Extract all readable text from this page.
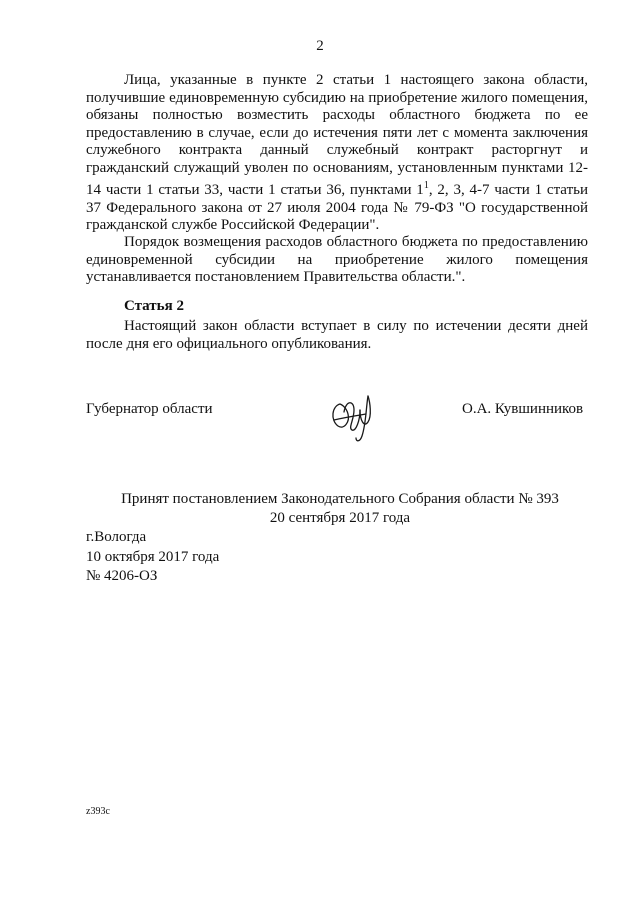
2

Лица, указанные в пункте 2 статьи 1 настоящего закона области, получившие единовременную субсидию на приобретение жилого помещения, обязаны полностью возместить расходы областного бюджета по ее предоставлению в случае, если до истечения пяти лет с момента заключения служебного контракта данный служебный контракт расторгнут и гражданский служащий уволен по основаниям, установленным пунктами 12-14 части 1 статьи 33, части 1 статьи 36, пунктами $1^1$, 2, 3, 4-7 части 1 статьи 37 Федерального закона от 27 июля 2004 года № 79-ФЗ "О государственной гражданской службе Российской Федерации".

Порядок возмещения расходов областного бюджета по предоставлению единовременной субсидии на приобретение жилого помещения устанавливается постановлением Правительства области.".

Статья 2

Настоящий закон области вступает в силу по истечении десяти дней после дня его официального опубликования.

Губернатор области	О.А. Кувшинников
Принят постановлением Законодательного Собрания области № 393
20 сентября 2017 года
г.Вологда
10 октября 2017 года
№ 4206-ОЗ
z393c
